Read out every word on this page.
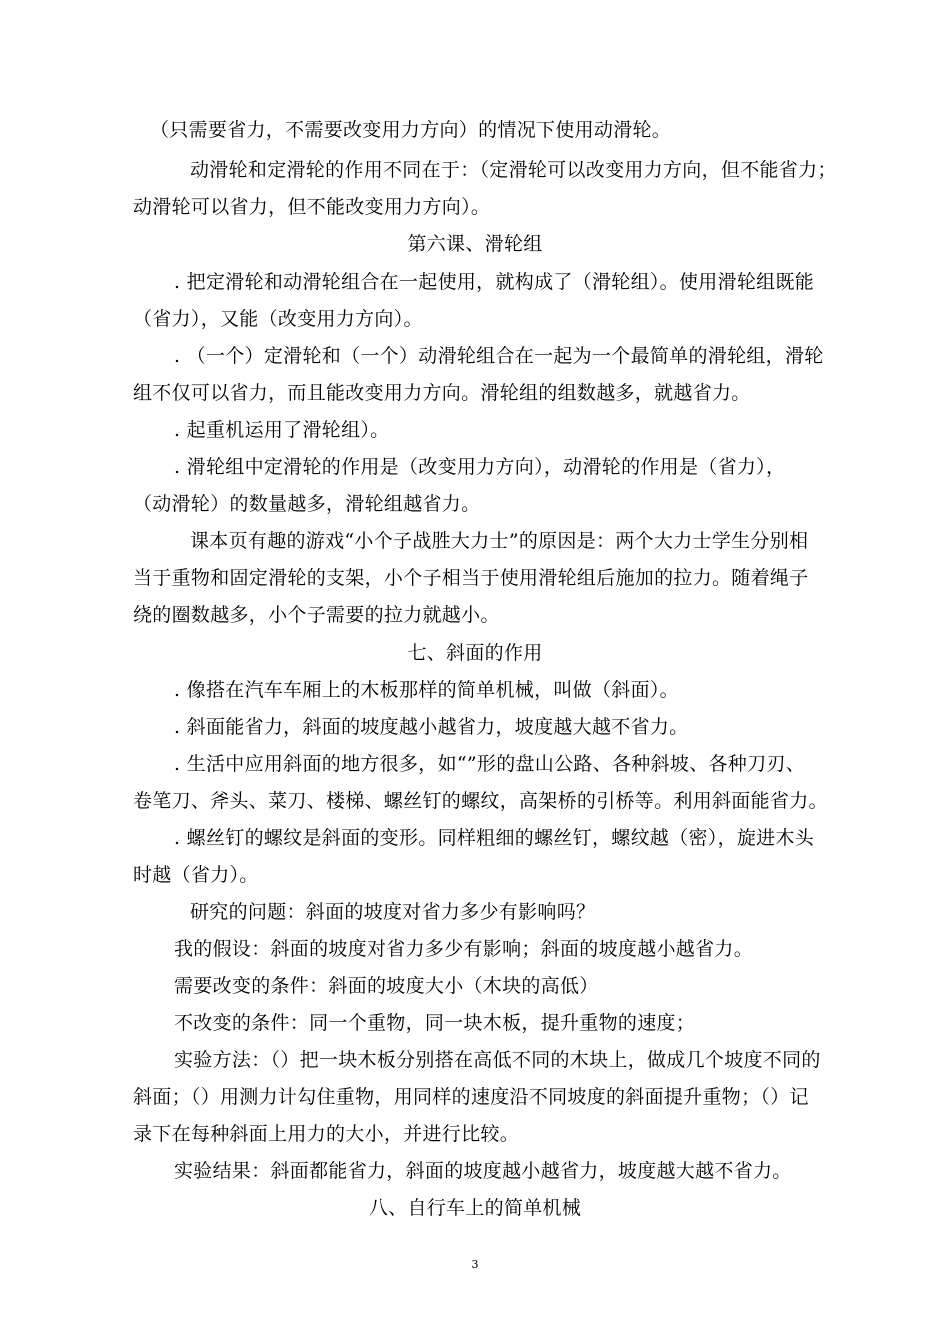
（只需要省力，不需要改变用力方向）的情况下使用动滑轮。
动滑轮和定滑轮的作用不同在于：（定滑轮可以改变用力方向，但不能省力；
动滑轮可以省力，但不能改变用力方向）。
第六课、滑轮组
. 把定滑轮和动滑轮组合在一起使用，就构成了（滑轮组）。使用滑轮组既能
（省力），又能（改变用力方向）。
. （一个）定滑轮和（一个）动滑轮组合在一起为一个最简单的滑轮组，滑轮
组不仅可以省力，而且能改变用力方向。滑轮组的组数越多，就越省力。
. 起重机运用了滑轮组）。
. 滑轮组中定滑轮的作用是（改变用力方向），动滑轮的作用是（省力），
（动滑轮）的数量越多，滑轮组越省力。
课本页有趣的游戏“小个子战胜大力士”的原因是：两个大力士学生分别相
当于重物和固定滑轮的支架，小个子相当于使用滑轮组后施加的拉力。随着绳子
绕的圈数越多，小个子需要的拉力就越小。
七、斜面的作用
. 像搭在汽车车厢上的木板那样的简单机械，叫做（斜面）。
. 斜面能省力，斜面的坡度越小越省力，坡度越大越不省力。
. 生活中应用斜面的地方很多，如“”形的盘山公路、各种斜坡、各种刀刃、
卷笔刀、斧头、菜刀、楼梯、螺丝钉的螺纹，高架桥的引桥等。利用斜面能省力。
. 螺丝钉的螺纹是斜面的变形。同样粗细的螺丝钉，螺纹越（密），旋进木头
时越（省力）。
研究的问题：斜面的坡度对省力多少有影响吗？
我的假设：斜面的坡度对省力多少有影响；斜面的坡度越小越省力。
需要改变的条件：斜面的坡度大小（木块的高低）
不改变的条件：同一个重物，同一块木板，提升重物的速度；
实验方法：（）把一块木板分别搭在高低不同的木块上，做成几个坡度不同的
斜面；（）用测力计勾住重物，用同样的速度沿不同坡度的斜面提升重物；（）记
录下在每种斜面上用力的大小，并进行比较。
实验结果：斜面都能省力，斜面的坡度越小越省力，坡度越大越不省力。
八、自行车上的简单机械
3
